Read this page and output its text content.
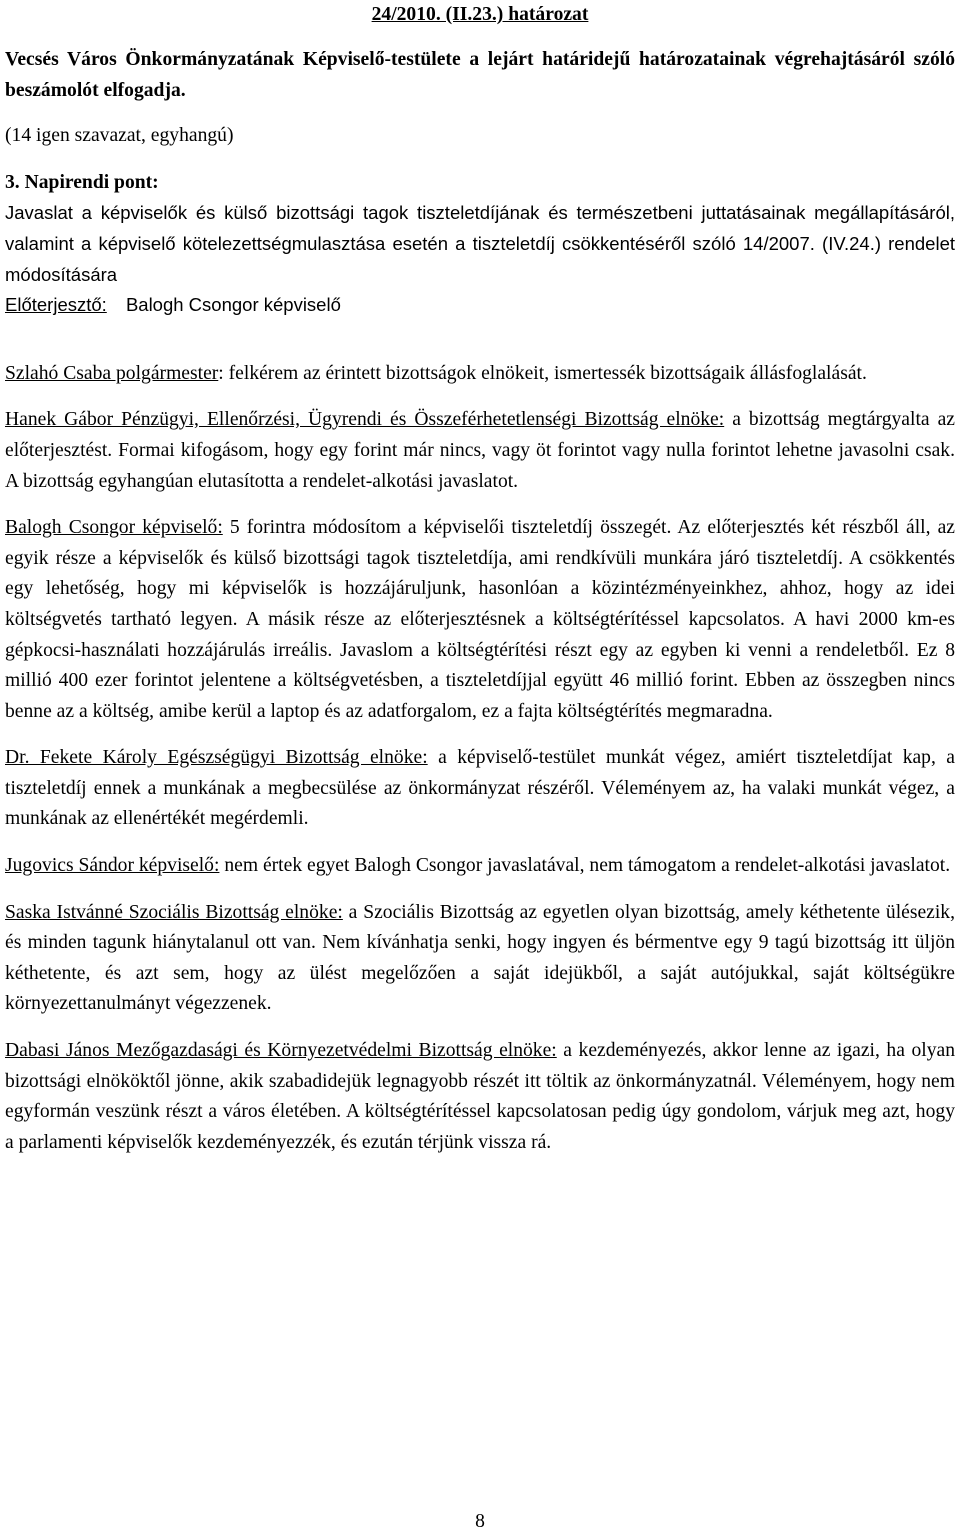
24/2010. (II.23.) határozat

Vecsés Város Önkormányzatának Képviselő-testülete a lejárt határidejű határozatainak végrehajtásáról szóló beszámolót elfogadja.

(14 igen szavazat, egyhangú)

3. Napirendi pont:

Javaslat a képviselők és külső bizottsági tagok tiszteletdíjának és természetbeni juttatásainak megállapításáról, valamint a képviselő kötelezettségmulasztása esetén a tiszteletdíj csökkentéséről szóló 14/2007. (IV.24.) rendelet módosítására

Előterjesztő: Balogh Csongor képviselő

Szlahó Csaba polgármester: felkérem az érintett bizottságok elnökeit, ismertessék bizottságaik állásfoglalását.

Hanek Gábor Pénzügyi, Ellenőrzési, Ügyrendi és Összeférhetetlenségi Bizottság elnöke: a bizottság megtárgyalta az előterjesztést. Formai kifogásom, hogy egy forint már nincs, vagy öt forintot vagy nulla forintot lehetne javasolni csak. A bizottság egyhangúan elutasította a rendelet-alkotási javaslatot.

Balogh Csongor képviselő: 5 forintra módosítom a képviselői tiszteletdíj összegét. Az előterjesztés két részből áll, az egyik része a képviselők és külső bizottsági tagok tiszteletdíja, ami rendkívüli munkára járó tiszteletdíj. A csökkentés egy lehetőség, hogy mi képviselők is hozzájáruljunk, hasonlóan a közintézményeinkhez, ahhoz, hogy az idei költségvetés tartható legyen. A másik része az előterjesztésnek a költségtérítéssel kapcsolatos. A havi 2000 km-es gépkocsi-használati hozzájárulás irreális. Javaslom a költségtérítési részt egy az egyben ki venni a rendeletből. Ez 8 millió 400 ezer forintot jelentene a költségvetésben, a tiszteletdíjjal együtt 46 millió forint. Ebben az összegben nincs benne az a költség, amibe kerül a laptop és az adatforgalom, ez a fajta költségtérítés megmaradna.

Dr. Fekete Károly Egészségügyi Bizottság elnöke: a képviselő-testület munkát végez, amiért tiszteletdíjat kap, a tiszteletdíj ennek a munkának a megbecsülése az önkormányzat részéről. Véleményem az, ha valaki munkát végez, a munkának az ellenértékét megérdemli.

Jugovics Sándor képviselő: nem értek egyet Balogh Csongor javaslatával, nem támogatom a rendelet-alkotási javaslatot.

Saska Istvánné Szociális Bizottság elnöke: a Szociális Bizottság az egyetlen olyan bizottság, amely kéthetente ülésezik, és minden tagunk hiánytalanul ott van. Nem kívánhatja senki, hogy ingyen és bérmentve egy 9 tagú bizottság itt üljön kéthetente, és azt sem, hogy az ülést megelőzően a saját idejükből, a saját autójukkal, saját költségükre környezettanulmányt végezzenek.

Dabasi János Mezőgazdasági és Környezetvédelmi Bizottság elnöke: a kezdeményezés, akkor lenne az igazi, ha olyan bizottsági elnököktől jönne, akik szabadidejük legnagyobb részét itt töltik az önkormányzatnál. Véleményem, hogy nem egyformán veszünk részt a város életében. A költségtérítéssel kapcsolatosan pedig úgy gondolom, várjuk meg azt, hogy a parlamenti képviselők kezdeményezzék, és ezután térjünk vissza rá.

8
